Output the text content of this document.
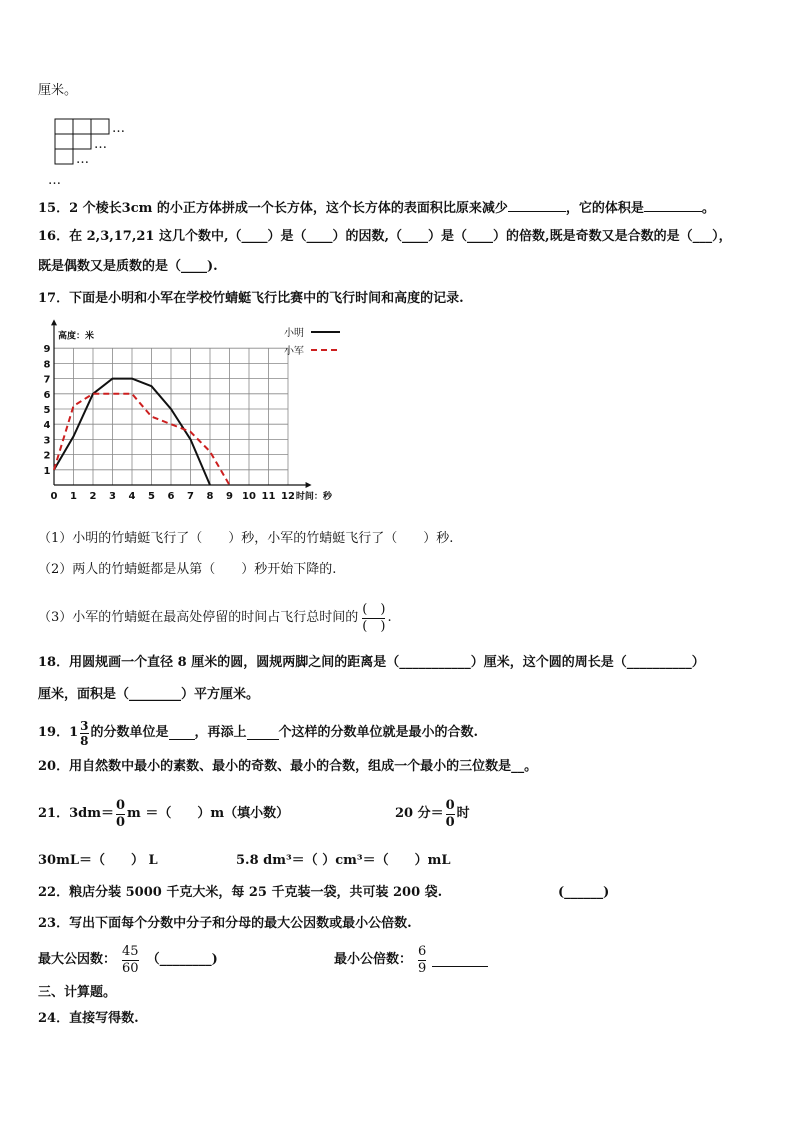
厘米。
…
…
…
…
15．2 个棱长3cm 的小正方体拼成一个长方体，这个长方体的表面积比原来减少	，它的体积是	。
16．在 2,3,17,21 这几个数中,（____）是（____）的因数,（____）是（____）的倍数,既是奇数又是合数的是（___），
既是偶数又是质数的是（____).
17．下面是小明和小军在学校竹蜻蜓飞行比赛中的飞行时间和高度的记录.
0 1 2 3 4 5 6 7 8 9 10 11 12
1
2
3
4
5
6
7
8
9
高度：米
时间：秒
小明
小军
（1）小明的竹蜻蜓飞行了（　　）秒，小军的竹蜻蜓飞行了（　　）秒.
（2）两人的竹蜻蜓都是从第（　　）秒开始下降的.
（3）小军的竹蜻蜓在最高处停留的时间占飞行总时间的 $\frac{( )}{( )}$ .
18．用圆规画一个直径 8 厘米的圆，圆规两脚之间的距离是（___________）厘米，这个圆的周长是（__________）
厘米，面积是（________）平方厘米。
19． $1 \frac{3}{8}$ 的分数单位是 ，再添上 个这样的分数单位就是最小的合数.
20．用自然数中最小的素数、最小的奇数、最小的合数，组成一个最小的三位数是__。
21．$3dm= \frac{0}{0}$ m ＝（　　）m（填小数）	20 分＝ $\frac{0}{0}$ 时
30mL＝（　　） L	5.8 dm³＝（ ）cm³＝（　　）mL
22．粮店分装 5000 千克大米，每 25 千克装一袋，共可装 200 袋.	(______)
23．写出下面每个分数中分子和分母的最大公因数或最小公倍数.
最大公因数： $\frac{45}{60}$ （________)	最小公倍数： $\frac{6}{9}$
三、计算题。
24．直接写得数.
